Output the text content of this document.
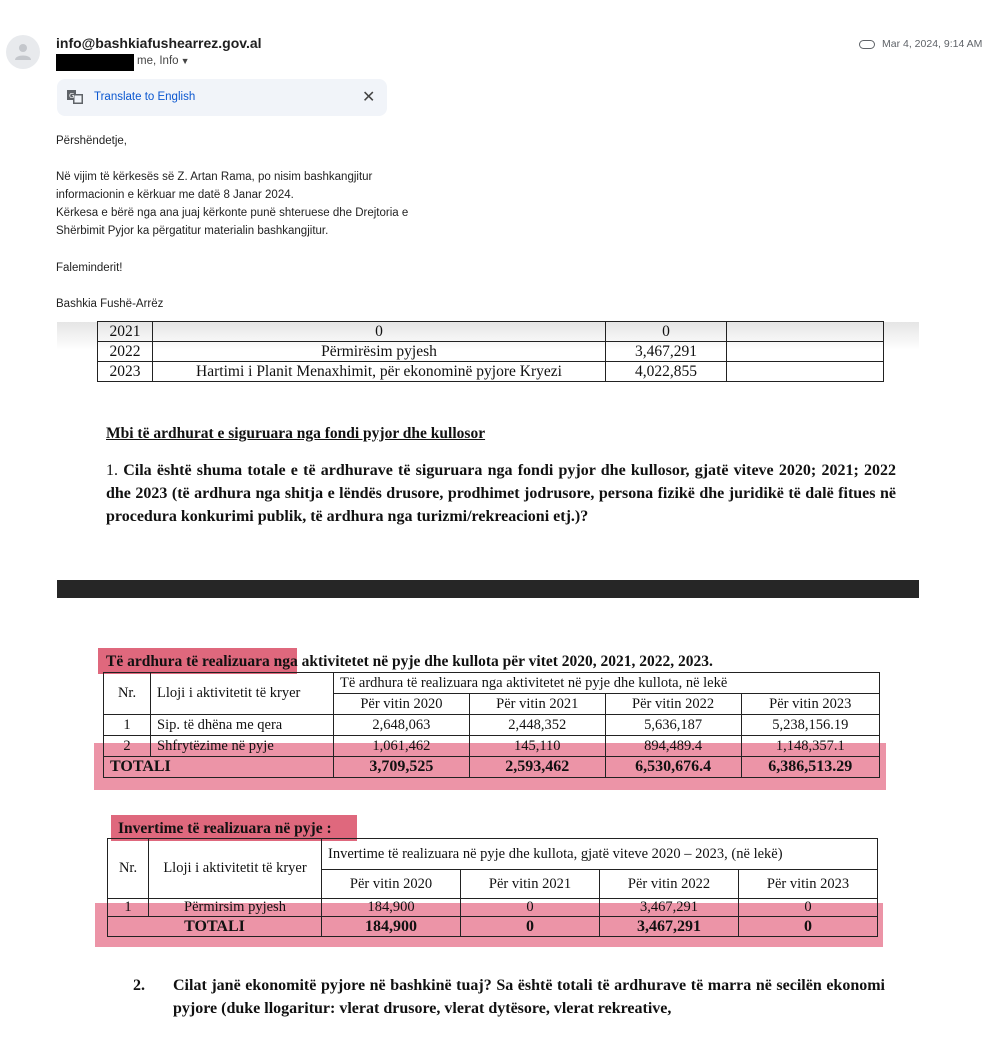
info@bashkiafushearrez.gov.al
me, Info ▼
Mar 4, 2024, 9:14 AM
G Translate to English	✕
Përshëndetje,
Në vijim të kërkesës së Z. Artan Rama, po nisim bashkangjitur
informacionin e kërkuar me datë 8 Janar 2024.
Kërkesa e bërë nga ana juaj kërkonte punë shteruese dhe Drejtoria e
Shërbimit Pyjor ka përgatitur materialin bashkangjitur.
Faleminderit!
Bashkia Fushë-Arrëz
2021	0	0	
2022	Përmirësim pyjesh	3,467,291	
2023	Hartimi i Planit Menaxhimit, për ekonominë pyjore Kryezi	4,022,855	
Mbi të ardhurat e siguruara nga fondi pyjor dhe kullosor
1. Cila është shuma totale e të ardhurave të siguruara nga fondi pyjor dhe kullosor, gjatë viteve 2020; 2021; 2022 dhe 2023 (të ardhura nga shitja e lëndës drusore, prodhimet jodrusore, persona fizikë dhe juridikë të dalë fitues në procedura konkurimi publik, të ardhura nga turizmi/rekreacioni etj.)?
Të ardhura të realizuara nga aktivitetet në pyje dhe kullota për vitet 2020, 2021, 2022, 2023.
Nr.	Lloji i aktivitetit të kryer	Të ardhura të realizuara nga aktivitetet në pyje dhe kullota, në lekë			
		Për vitin 2020	Për vitin 2021	Për vitin 2022	Për vitin 2023
1	Sip. të dhëna me qera	2,648,063	2,448,352	5,636,187	5,238,156.19
2	Shfrytëzime në pyje	1,061,462	145,110	894,489.4	1,148,357.1
TOTALI		3,709,525	2,593,462	6,530,676.4	6,386,513.29
Invertime të realizuara në pyje :
Nr.	Lloji i aktivitetit të kryer	Invertime të realizuara në pyje dhe kullota, gjatë viteve 2020 – 2023, (në lekë)			
		Për vitin 2020	Për vitin 2021	Për vitin 2022	Për vitin 2023
1	Përmirsim pyjesh	184,900	0	3,467,291	0
TOTALI		184,900	0	3,467,291	0
2. Cilat janë ekonomitë pyjore në bashkinë tuaj? Sa është totali të ardhurave të marra në secilën ekonomi pyjore (duke llogaritur: vlerat drusore, vlerat dytësore, vlerat rekreative,
